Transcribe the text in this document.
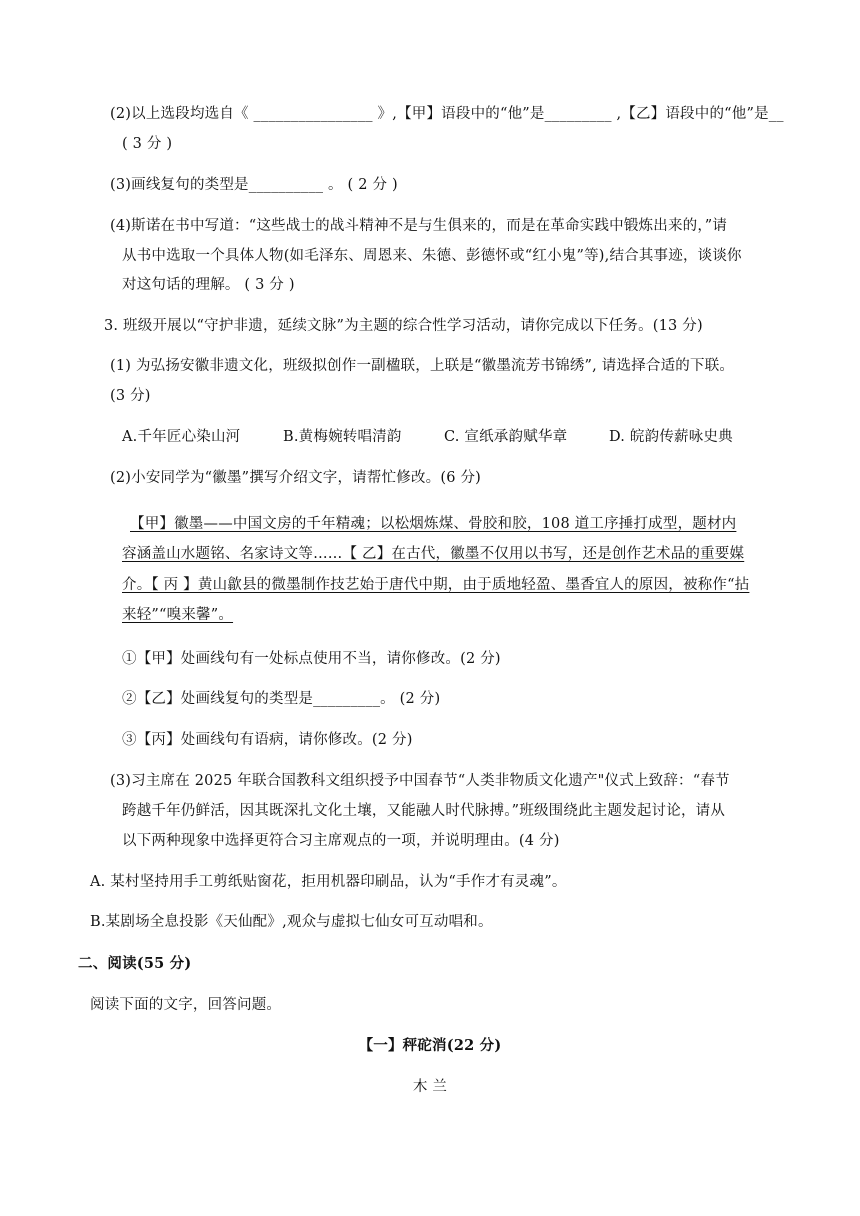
(2)以上选段均选自《 ________________ 》,【甲】语段中的“他”是_________ ,【乙】语段中的“他”是__
( 3 分 )
(3)画线复句的类型是__________ 。 ( 2 分 )
(4)斯诺在书中写道：“这些战士的战斗精神不是与生俱来的，而是在革命实践中锻炼出来的，”请
从书中选取一个具体人物(如毛泽东、周恩来、朱德、彭德怀或“红小鬼”等),结合其事迹，谈谈你
对这句话的理解。 ( 3 分 )
3. 班级开展以“守护非遗，延续文脉”为主题的综合性学习活动，请你完成以下任务。(13 分)
(1) 为弘扬安徽非遗文化，班级拟创作一副楹联，上联是“徽墨流芳书锦绣”, 请选择合适的下联。
(3 分)
A.千年匠心染山河	B.黄梅婉转唱清韵	C. 宣纸承韵赋华章	D. 皖韵传薪咏史典
(2)小安同学为“徽墨”撰写介绍文字，请帮忙修改。(6 分)
【甲】徽墨——中国文房的千年精魂；以松烟炼煤、骨胶和胶，108 道工序捶打成型，题材内
容涵盖山水题铭、名家诗文等……【 乙】在古代，徽墨不仅用以书写，还是创作艺术品的重要媒
介。【 丙 】黄山歙县的微墨制作技艺始于唐代中期，由于质地轻盈、墨香宜人的原因，被称作“拈
来轻”“嗅来馨”。
①【甲】处画线句有一处标点使用不当，请你修改。(2 分)
②【乙】处画线复句的类型是_________。 (2 分)
③【丙】处画线句有语病，请你修改。(2 分)
(3)习主席在 2025 年联合国教科文组织授予中国春节“人类非物质文化遗产"仪式上致辞：“春节
跨越千年仍鲜活，因其既深扎文化土壤，又能融人时代脉搏。”班级围绕此主题发起讨论，请从
以下两种现象中选择更符合习主席观点的一项，并说明理由。(4 分)
A. 某村坚持用手工剪纸贴窗花，拒用机器印刷品，认为“手作才有灵魂”。
B.某剧场全息投影《天仙配》,观众与虚拟七仙女可互动唱和。
二、阅读(55 分)
阅读下面的文字，回答问题。
【一】秤砣消(22 分)
木 兰
